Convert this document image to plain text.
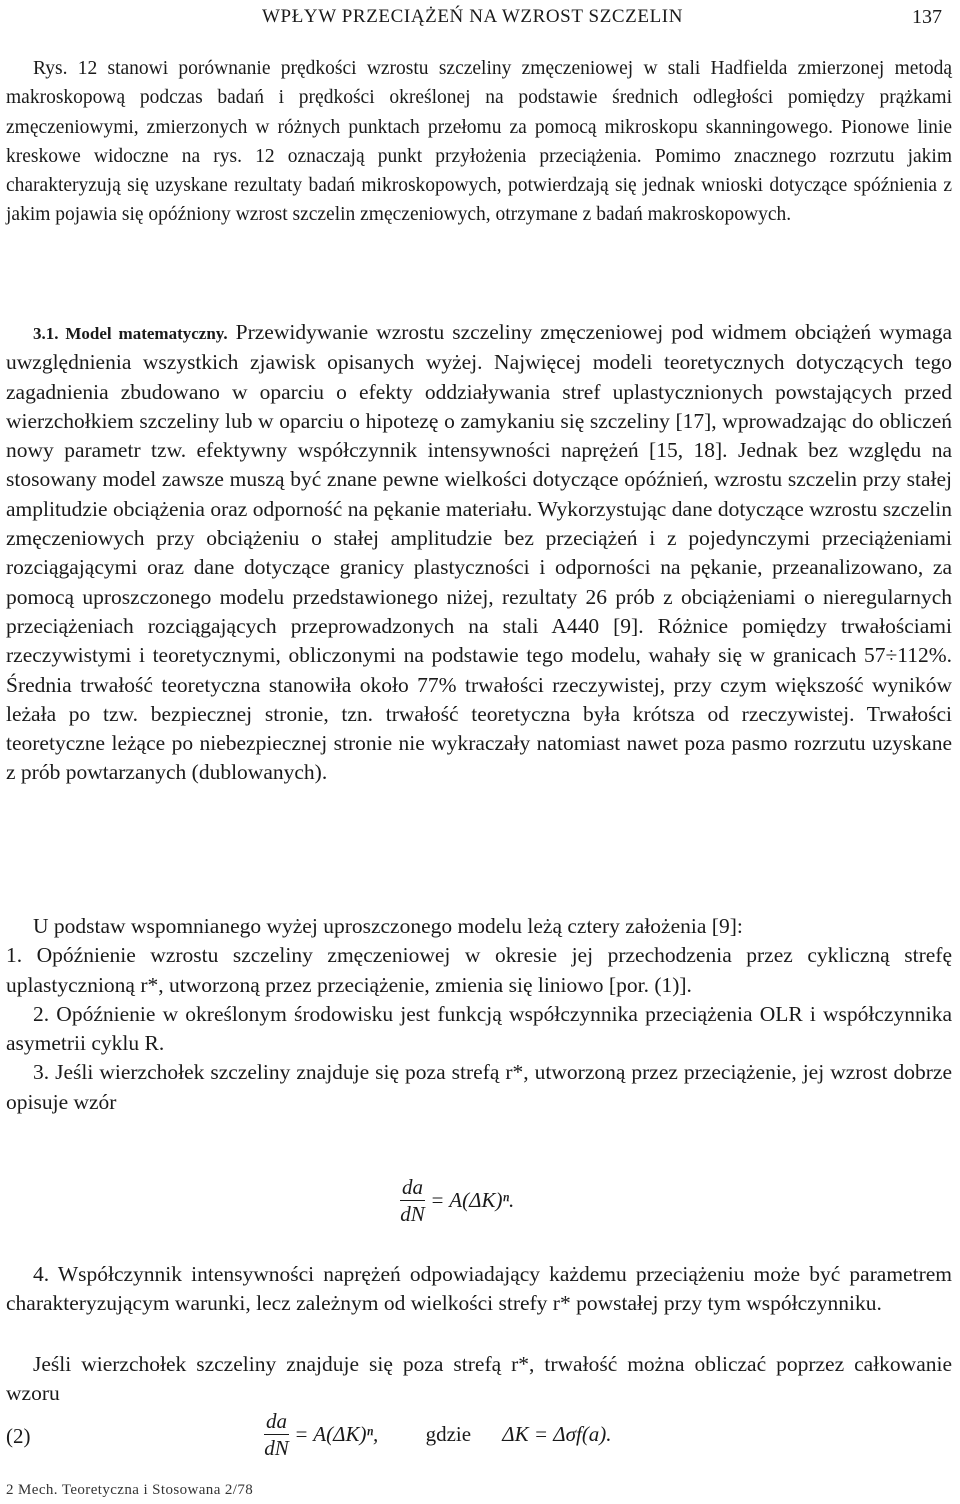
WPŁYW PRZECIĄŻEŃ NA WZROST SZCZELIN	137

Rys. 12 stanowi porównanie prędkości wzrostu szczeliny zmęczeniowej w stali Hadfielda zmierzonej metodą makroskopową podczas badań i prędkości określonej na podstawie średnich odległości pomiędzy prążkami zmęczeniowymi, zmierzonych w różnych punktach przełomu za pomocą mikroskopu skanningowego. Pionowe linie kreskowe widoczne na rys. 12 oznaczają punkt przyłożenia przeciążenia. Pomimo znacznego rozrzutu jakim charakteryzują się uzyskane rezultaty badań mikroskopowych, potwierdzają się jednak wnioski dotyczące spóźnienia z jakim pojawia się opóźniony wzrost szczelin zmęczeniowych, otrzymane z badań makroskopowych.

3.1. Model matematyczny. Przewidywanie wzrostu szczeliny zmęczeniowej pod widmem obciążeń wymaga uwzględnienia wszystkich zjawisk opisanych wyżej. Najwięcej modeli teoretycznych dotyczących tego zagadnienia zbudowano w oparciu o efekty oddziaływania stref uplastycznionych powstających przed wierzchołkiem szczeliny lub w oparciu o hipotezę o zamykaniu się szczeliny [17], wprowadzając do obliczeń nowy parametr tzw. efektywny współczynnik intensywności naprężeń [15, 18]. Jednak bez względu na stosowany model zawsze muszą być znane pewne wielkości dotyczące opóźnień, wzrostu szczelin przy stałej amplitudzie obciążenia oraz odporność na pękanie materiału. Wykorzystując dane dotyczące wzrostu szczelin zmęczeniowych przy obciążeniu o stałej amplitudzie bez przeciążeń i z pojedynczymi przeciążeniami rozciągającymi oraz dane dotyczące granicy plastyczności i odporności na pękanie, przeanalizowano, za pomocą uproszczonego modelu przedstawionego niżej, rezultaty 26 prób z obciążeniami o nieregularnych przeciążeniach rozciągających przeprowadzonych na stali A440 [9]. Różnice pomiędzy trwałościami rzeczywistymi i teoretycznymi, obliczonymi na podstawie tego modelu, wahały się w granicach 57÷112%. Średnia trwałość teoretyczna stanowiła około 77% trwałości rzeczywistej, przy czym większość wyników leżała po tzw. bezpiecznej stronie, tzn. trwałość teoretyczna była krótsza od rzeczywistej. Trwałości teoretyczne leżące po niebezpiecznej stronie nie wykraczały natomiast nawet poza pasmo rozrzutu uzyskane z prób powtarzanych (dublowanych).

U podstaw wspomnianego wyżej uproszczonego modelu leżą cztery założenia [9]:

1. Opóźnienie wzrostu szczeliny zmęczeniowej w okresie jej przechodzenia przez cykliczną strefę uplastycznioną r*, utworzoną przez przeciążenie, zmienia się liniowo [por. (1)].

2. Opóźnienie w określonym środowisku jest funkcją współczynnika przeciążenia OLR i współczynnika asymetrii cyklu R.

3. Jeśli wierzchołek szczeliny znajduje się poza strefą r*, utworzoną przez przeciążenie, jej wzrost dobrze opisuje wzór

$\frac{da}{dN} = A(\Delta K)^n$.

4. Współczynnik intensywności naprężeń odpowiadający każdemu przeciążeniu może być parametrem charakteryzującym warunki, lecz zależnym od wielkości strefy r* powstałej przy tym współczynniku.

Jeśli wierzchołek szczeliny znajduje się poza strefą r*, trwałość można obliczać poprzez całkowanie wzoru

(2)	$\frac{da}{dN} = A(\Delta K)^n$, gdzie ΔK = Δσf(a).
2 Mech. Teoretyczna i Stosowana 2/78
